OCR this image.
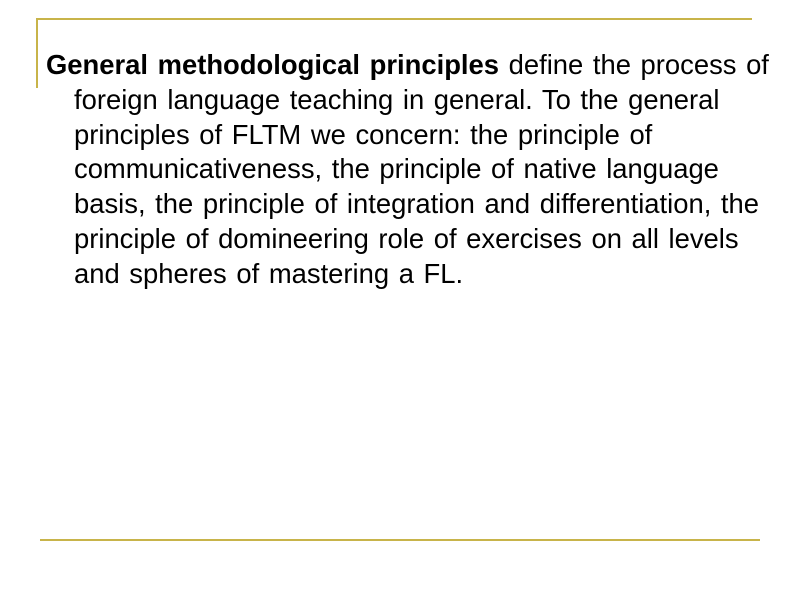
General methodological principles define the process of foreign language teaching in general. To the general principles of FLTM we concern: the principle of communicativeness, the principle of native language basis, the principle of integration and differentiation, the principle of domineering role of exercises on all levels and spheres of mastering a FL.
